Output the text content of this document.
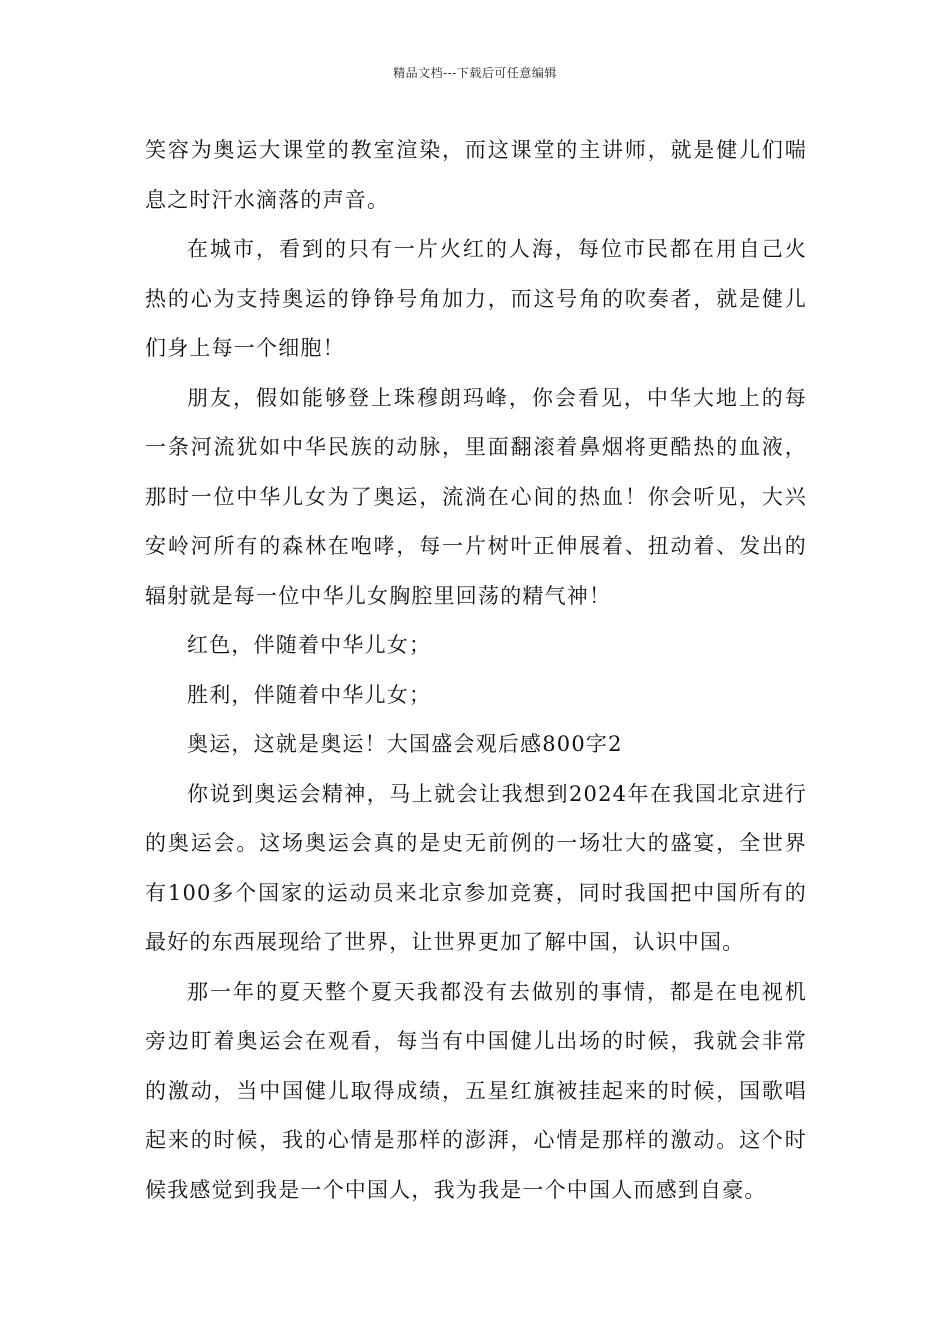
精品文档---下载后可任意编辑

笑容为奥运大课堂的教室渲染，而这课堂的主讲师，就是健儿们喘息之时汗水滴落的声音。

在城市，看到的只有一片火红的人海，每位市民都在用自己火热的心为支持奥运的铮铮号角加力，而这号角的吹奏者，就是健儿们身上每一个细胞！

朋友，假如能够登上珠穆朗玛峰，你会看见，中华大地上的每一条河流犹如中华民族的动脉，里面翻滚着鼻烟将更酷热的血液，那时一位中华儿女为了奥运，流淌在心间的热血！你会听见，大兴安岭河所有的森林在咆哮，每一片树叶正伸展着、扭动着、发出的辐射就是每一位中华儿女胸腔里回荡的精气神！

红色，伴随着中华儿女；

胜利，伴随着中华儿女；

奥运，这就是奥运！大国盛会观后感800字2

你说到奥运会精神，马上就会让我想到2024年在我国北京进行的奥运会。这场奥运会真的是史无前例的一场壮大的盛宴，全世界有100多个国家的运动员来北京参加竞赛，同时我国把中国所有的最好的东西展现给了世界，让世界更加了解中国，认识中国。

那一年的夏天整个夏天我都没有去做别的事情，都是在电视机旁边盯着奥运会在观看，每当有中国健儿出场的时候，我就会非常的激动，当中国健儿取得成绩，五星红旗被挂起来的时候，国歌唱起来的时候，我的心情是那样的澎湃，心情是那样的激动。这个时候我感觉到我是一个中国人，我为我是一个中国人而感到自豪。
